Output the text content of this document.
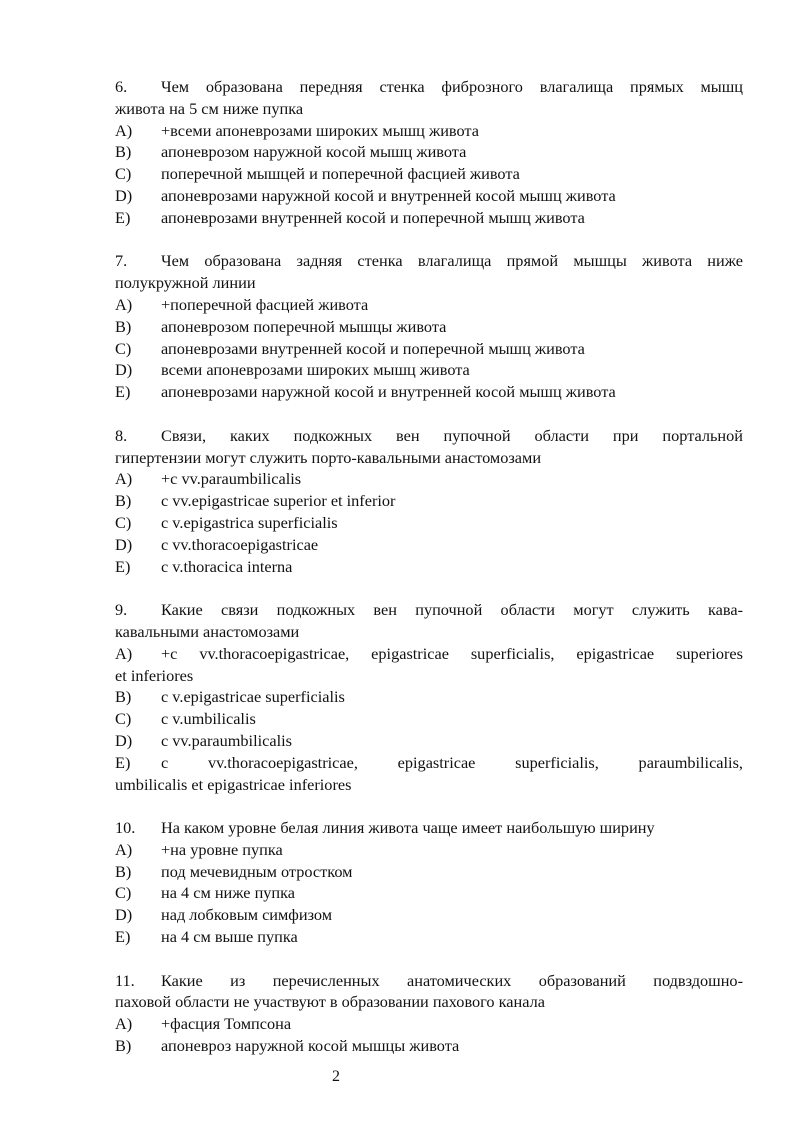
6. Чем образована передняя стенка фиброзного влагалища прямых мышц
живота на 5 см ниже пупка
A) +всеми апоневрозами широких мышц живота
B) апоневрозом наружной косой мышц живота
C) поперечной мышцей и поперечной фасцией живота
D) апоневрозами наружной косой и внутренней косой мышц живота
E) апоневрозами внутренней косой и поперечной мышц живота
7. Чем образована задняя стенка влагалища прямой мышцы живота ниже
полукружной линии
A) +поперечной фасцией живота
B) апоневрозом поперечной мышцы живота
C) апоневрозами внутренней косой и поперечной мышц живота
D) всеми апоневрозами широких мышц живота
E) апоневрозами наружной косой и внутренней косой мышц живота
8. Связи, каких подкожных вен пупочной области при портальной
гипертензии могут служить порто-кавальными анастомозами
A) +c vv.paraumbilicalis
B) c vv.epigastricae superior et inferior
C) c v.epigastrica superficialis
D) c vv.thoracoepigastricae
E) c v.thoracica interna
9. Какие связи подкожных вен пупочной области могут служить кава-
кавальными анастомозами
A) +c vv.thoracoepigastricae, epigastricae superficialis, epigastricae superiores
et inferiores
B) c v.epigastricae superficialis
C) c v.umbilicalis
D) c vv.paraumbilicalis
E) c vv.thoracoepigastricae, epigastricae superficialis, paraumbilicalis,
umbilicalis et epigastricae inferiores
10. На каком уровне белая линия живота чаще имеет наибольшую ширину
A) +на уровне пупка
B) под мечевидным отростком
C) на 4 см ниже пупка
D) над лобковым симфизом
E) на 4 см выше пупка
11. Какие из перечисленных анатомических образований подвздошно-
паховой области не участвуют в образовании пахового канала
A) +фасция Томпсона
B) апоневроз наружной косой мышцы живота
2
